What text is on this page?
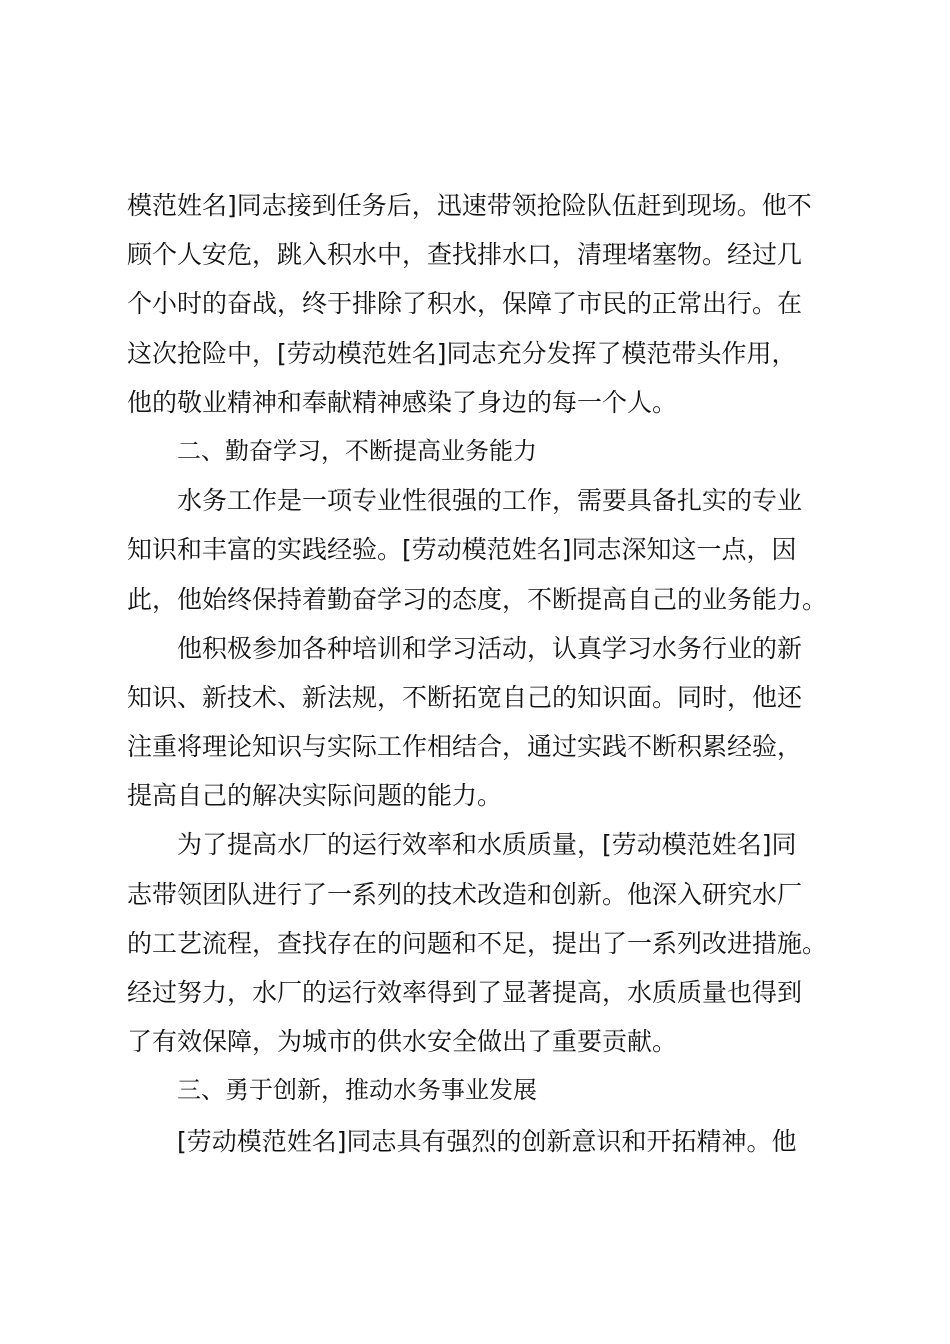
模范姓名]同志接到任务后，迅速带领抢险队伍赶到现场。他不
顾个人安危，跳入积水中，查找排水口，清理堵塞物。经过几
个小时的奋战，终于排除了积水，保障了市民的正常出行。在
这次抢险中，[劳动模范姓名]同志充分发挥了模范带头作用，
他的敬业精神和奉献精神感染了身边的每一个人。
二、勤奋学习，不断提高业务能力
水务工作是一项专业性很强的工作，需要具备扎实的专业
知识和丰富的实践经验。[劳动模范姓名]同志深知这一点，因
此，他始终保持着勤奋学习的态度，不断提高自己的业务能力。
他积极参加各种培训和学习活动，认真学习水务行业的新
知识、新技术、新法规，不断拓宽自己的知识面。同时，他还
注重将理论知识与实际工作相结合，通过实践不断积累经验，
提高自己的解决实际问题的能力。
为了提高水厂的运行效率和水质质量，[劳动模范姓名]同
志带领团队进行了一系列的技术改造和创新。他深入研究水厂
的工艺流程，查找存在的问题和不足，提出了一系列改进措施。
经过努力，水厂的运行效率得到了显著提高，水质质量也得到
了有效保障，为城市的供水安全做出了重要贡献。
三、勇于创新，推动水务事业发展
[劳动模范姓名]同志具有强烈的创新意识和开拓精神。他
